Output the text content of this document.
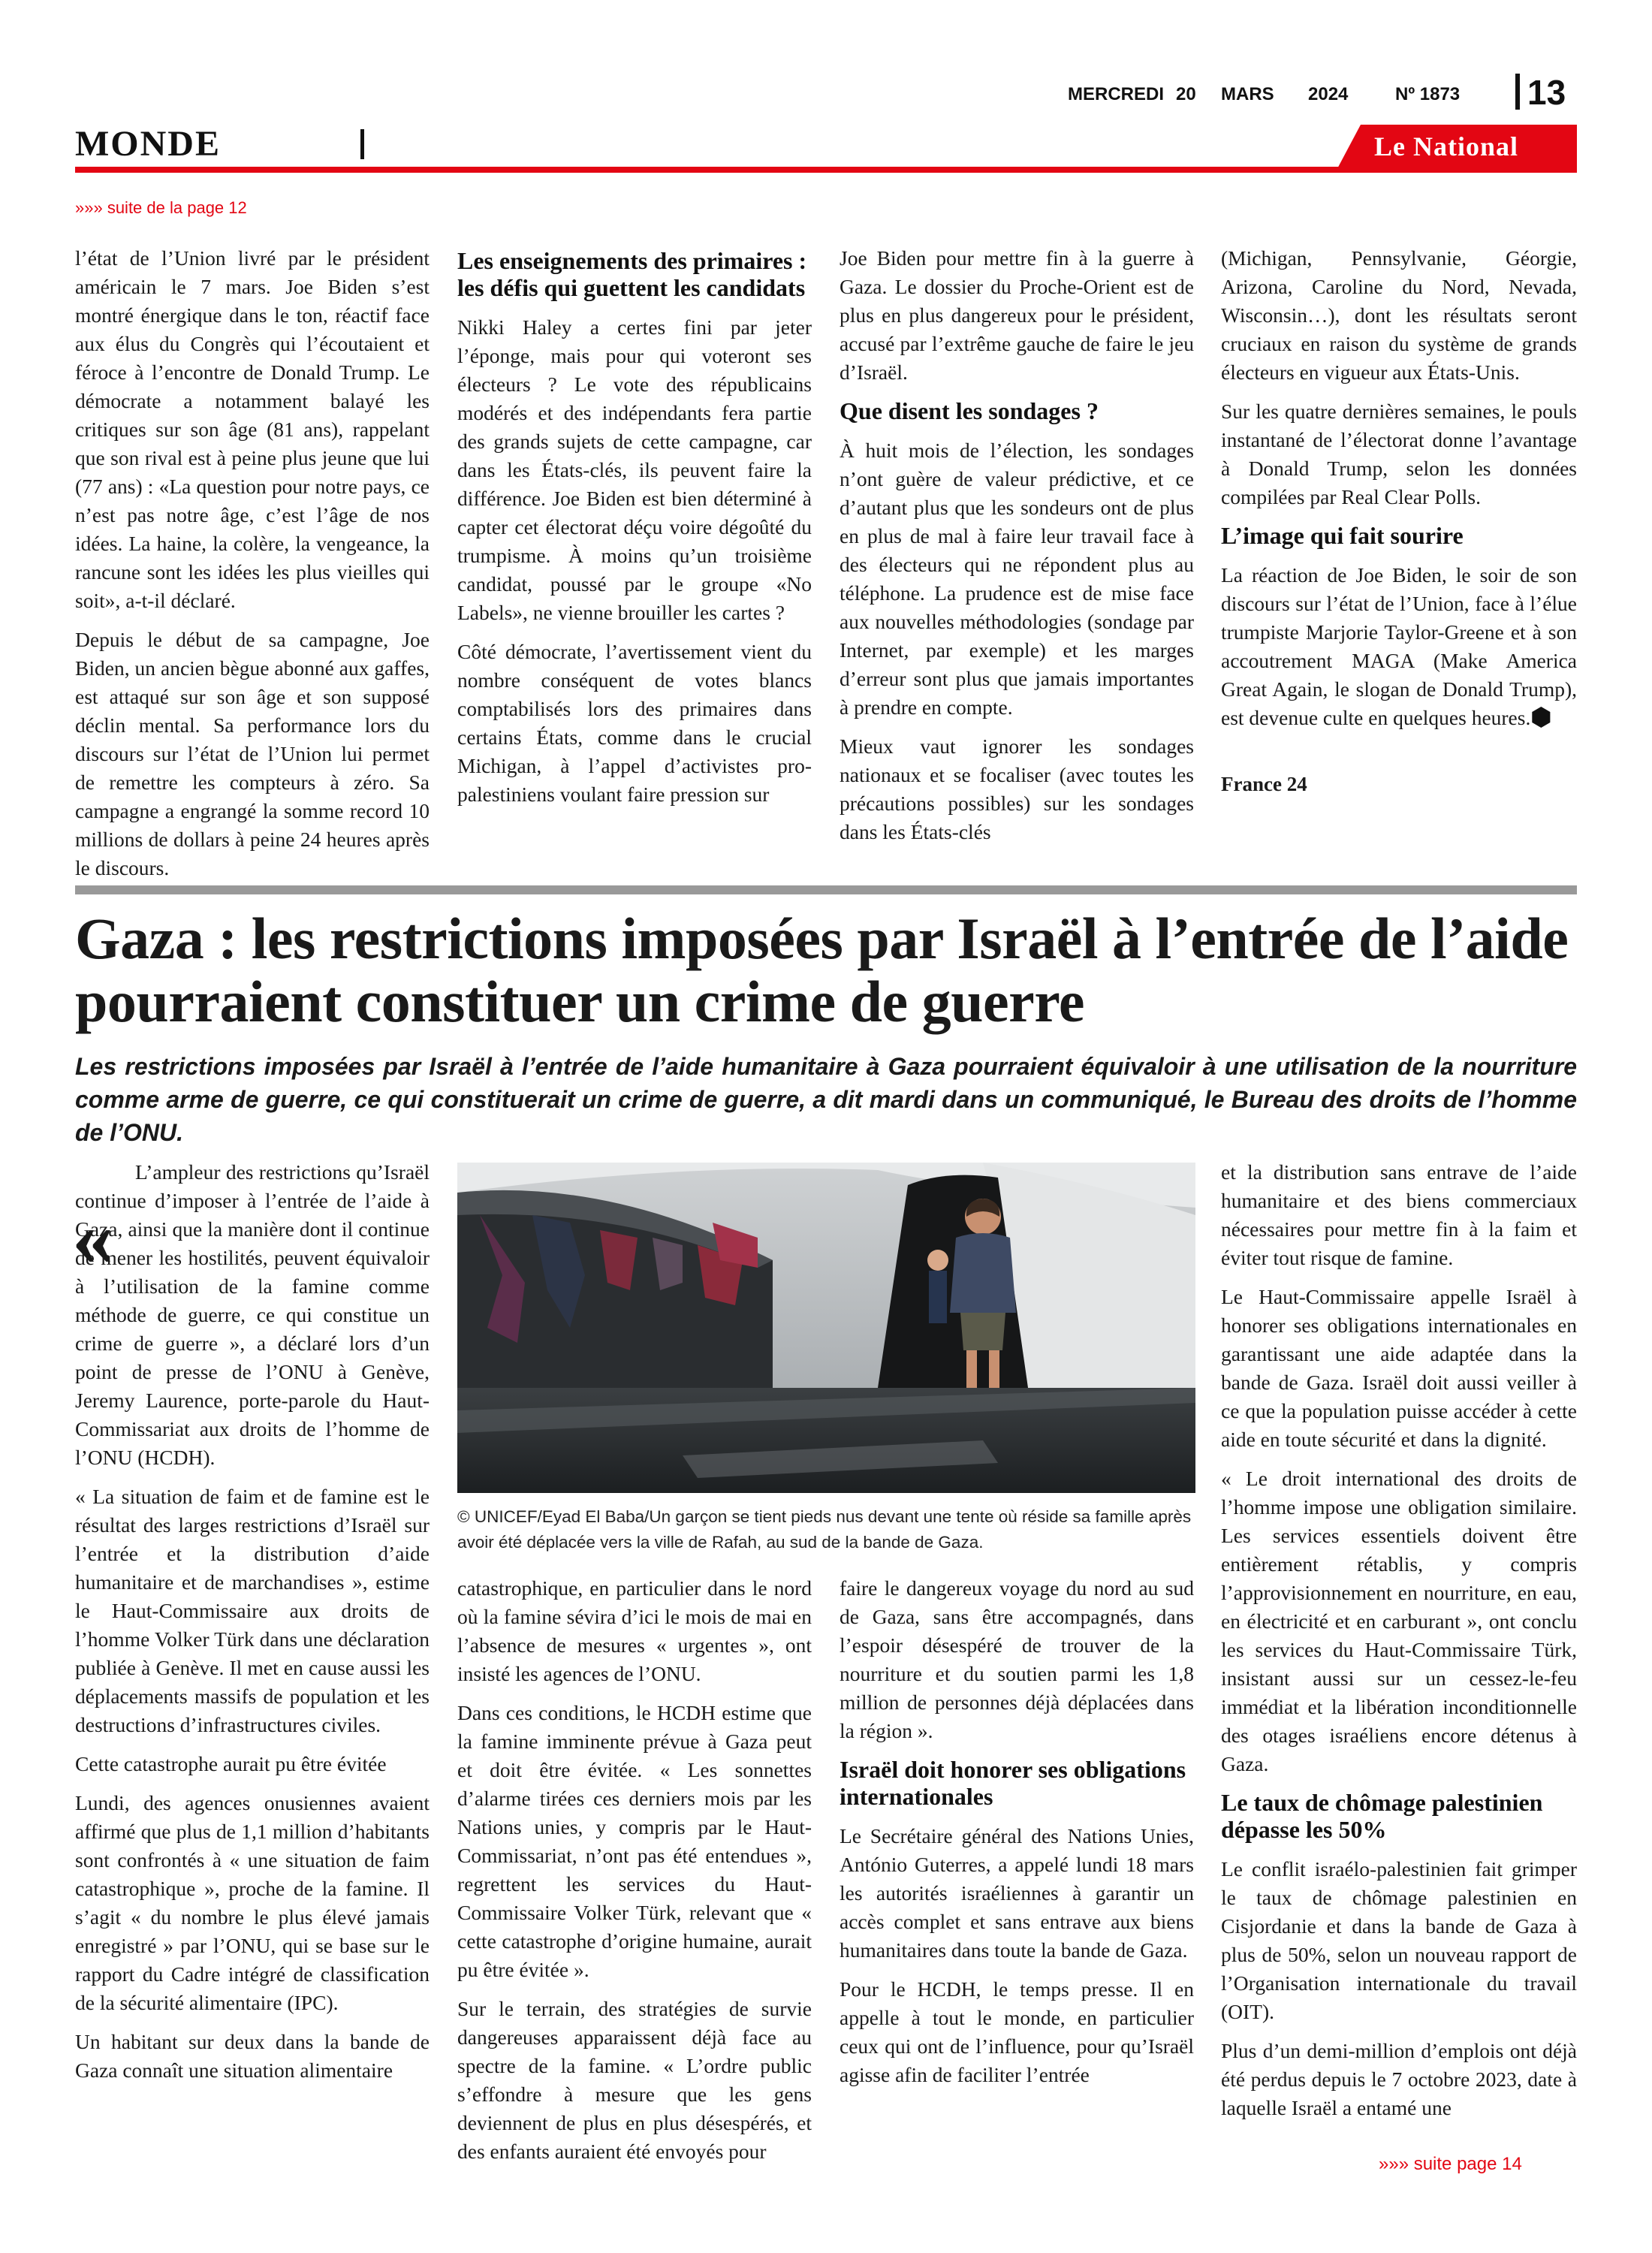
MERCREDI 20 MARS 2024	Nº 1873 13
MONDE	Le National
»»» suite de la page 12

l’état de l’Union livré par le président américain le 7 mars. Joe Biden s’est montré énergique dans le ton, réactif face aux élus du Congrès qui l’écoutaient et féroce à l’encontre de Donald Trump. Le démocrate a notamment balayé les critiques sur son âge (81 ans), rappelant que son rival est à peine plus jeune que lui (77 ans) : «La question pour notre pays, ce n’est pas notre âge, c’est l’âge de nos idées. La haine, la colère, la vengeance, la rancune sont les idées les plus vieilles qui soit», a-t-il déclaré.

Depuis le début de sa campagne, Joe Biden, un ancien bègue abonné aux gaffes, est attaqué sur son âge et son supposé déclin mental. Sa performance lors du discours sur l’état de l’Union lui permet de remettre les compteurs à zéro. Sa campagne a engrangé la somme record 10 millions de dollars à peine 24 heures après le discours.

Les enseignements des primaires : les défis qui guettent les candidats

Nikki Haley a certes fini par jeter l’éponge, mais pour qui voteront ses électeurs ? Le vote des républicains modérés et des indépendants fera partie des grands sujets de cette campagne, car dans les États-clés, ils peuvent faire la différence. Joe Biden est bien déterminé à capter cet électorat déçu voire dégoûté du trumpisme. À moins qu’un troisième candidat, poussé par le groupe «No Labels», ne vienne brouiller les cartes ?

Côté démocrate, l’avertissement vient du nombre conséquent de votes blancs comptabilisés lors des primaires dans certains États, comme dans le crucial Michigan, à l’appel d’activistes pro-palestiniens voulant faire pression sur

Joe Biden pour mettre fin à la guerre à Gaza. Le dossier du Proche-Orient est de plus en plus dangereux pour le président, accusé par l’extrême gauche de faire le jeu d’Israël.

Que disent les sondages ?

À huit mois de l’élection, les sondages n’ont guère de valeur prédictive, et ce d’autant plus que les sondeurs ont de plus en plus de mal à faire leur travail face à des électeurs qui ne répondent plus au téléphone. La prudence est de mise face aux nouvelles méthodologies (sondage par Internet, par exemple) et les marges d’erreur sont plus que jamais importantes à prendre en compte.

Mieux vaut ignorer les sondages nationaux et se focaliser (avec toutes les précautions possibles) sur les sondages dans les États-clés

(Michigan, Pennsylvanie, Géorgie, Arizona, Caroline du Nord, Nevada, Wisconsin…), dont les résultats seront cruciaux en raison du système de grands électeurs en vigueur aux États-Unis.

Sur les quatre dernières semaines, le pouls instantané de l’électorat donne l’avantage à Donald Trump, selon les données compilées par Real Clear Polls.

L’image qui fait sourire

La réaction de Joe Biden, le soir de son discours sur l’état de l’Union, face à l’élue trumpiste Marjorie Taylor-Greene et à son accoutrement MAGA (Make America Great Again, le slogan de Donald Trump), est devenue culte en quelques heures.

France 24

Gaza : les restrictions imposées par Israël à l’entrée de l’aide pourraient constituer un crime de guerre
Les restrictions imposées par Israël à l’entrée de l’aide humanitaire à Gaza pourraient équivaloir à une utilisation de la nourriture comme arme de guerre, ce qui constituerait un crime de guerre, a dit mardi dans un communiqué, le Bureau des droits de l’homme de l’ONU.
«

L’ampleur des restrictions qu’Israël continue d’imposer à l’entrée de l’aide à Gaza, ainsi que la manière dont il continue de mener les hostilités, peuvent équivaloir à l’utilisation de la famine comme méthode de guerre, ce qui constitue un crime de guerre », a déclaré lors d’un point de presse de l’ONU à Genève, Jeremy Laurence, porte-parole du Haut-Commissariat aux droits de l’homme de l’ONU (HCDH).

« La situation de faim et de famine est le résultat des larges restrictions d’Israël sur l’entrée et la distribution d’aide humanitaire et de marchandises », estime le Haut-Commissaire aux droits de l’homme Volker Türk dans une déclaration publiée à Genève. Il met en cause aussi les déplacements massifs de population et les destructions d’infrastructures civiles.

Cette catastrophe aurait pu être évitée

Lundi, des agences onusiennes avaient affirmé que plus de 1,1 million d’habitants sont confrontés à « une situation de faim catastrophique », proche de la famine. Il s’agit « du nombre le plus élevé jamais enregistré » par l’ONU, qui se base sur le rapport du Cadre intégré de classification de la sécurité alimentaire (IPC).

Un habitant sur deux dans la bande de Gaza connaît une situation alimentaire

© UNICEF/Eyad El Baba/Un garçon se tient pieds nus devant une tente où réside sa famille après avoir été déplacée vers la ville de Rafah, au sud de la bande de Gaza.

catastrophique, en particulier dans le nord où la famine sévira d’ici le mois de mai en l’absence de mesures « urgentes », ont insisté les agences de l’ONU.

Dans ces conditions, le HCDH estime que la famine imminente prévue à Gaza peut et doit être évitée. « Les sonnettes d’alarme tirées ces derniers mois par les Nations unies, y compris par le Haut-Commissariat, n’ont pas été entendues », regrettent les services du Haut-Commissaire Volker Türk, relevant que « cette catastrophe d’origine humaine, aurait pu être évitée ».

Sur le terrain, des stratégies de survie dangereuses apparaissent déjà face au spectre de la famine. « L’ordre public s’effondre à mesure que les gens deviennent de plus en plus désespérés, et des enfants auraient été envoyés pour

faire le dangereux voyage du nord au sud de Gaza, sans être accompagnés, dans l’espoir désespéré de trouver de la nourriture et du soutien parmi les 1,8 million de personnes déjà déplacées dans la région ».

Israël doit honorer ses obligations internationales

Le Secrétaire général des Nations Unies, António Guterres, a appelé lundi 18 mars les autorités israéliennes à garantir un accès complet et sans entrave aux biens humanitaires dans toute la bande de Gaza.

Pour le HCDH, le temps presse. Il en appelle à tout le monde, en particulier ceux qui ont de l’influence, pour qu’Israël agisse afin de faciliter l’entrée

et la distribution sans entrave de l’aide humanitaire et des biens commerciaux nécessaires pour mettre fin à la faim et éviter tout risque de famine.

Le Haut-Commissaire appelle Israël à honorer ses obligations internationales en garantissant une aide adaptée dans la bande de Gaza. Israël doit aussi veiller à ce que la population puisse accéder à cette aide en toute sécurité et dans la dignité.

« Le droit international des droits de l’homme impose une obligation similaire. Les services essentiels doivent être entièrement rétablis, y compris l’approvisionnement en nourriture, en eau, en électricité et en carburant », ont conclu les services du Haut-Commissaire Türk, insistant aussi sur un cessez-le-feu immédiat et la libération inconditionnelle des otages israéliens encore détenus à Gaza.

Le taux de chômage palestinien dépasse les 50%

Le conflit israélo-palestinien fait grimper le taux de chômage palestinien en Cisjordanie et dans la bande de Gaza à plus de 50%, selon un nouveau rapport de l’Organisation internationale du travail (OIT).

Plus d’un demi-million d’emplois ont déjà été perdus depuis le 7 octobre 2023, date à laquelle Israël a entamé une

»»» suite page 14
